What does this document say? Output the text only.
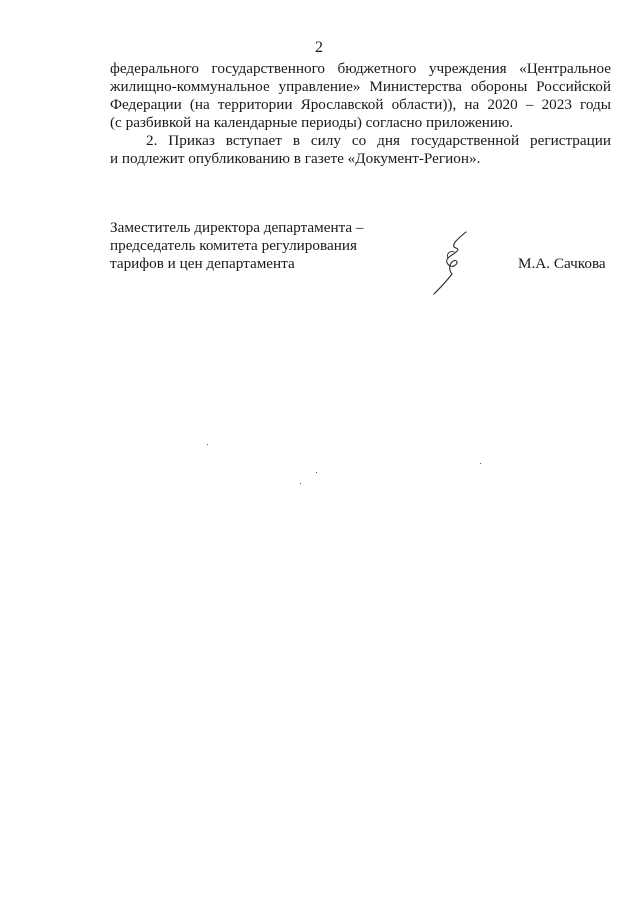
2
федерального государственного бюджетного учреждения «Центральное
жилищно-коммунальное управление» Министерства обороны Российской
Федерации (на территории Ярославской области)), на 2020 – 2023 годы
(с разбивкой на календарные периоды) согласно приложению.
2. Приказ вступает в силу со дня государственной регистрации
и подлежит опубликованию в газете «Документ-Регион».
Заместитель директора департамента –
председатель комитета регулирования
тарифов и цен департамента	М.А. Сачкова
